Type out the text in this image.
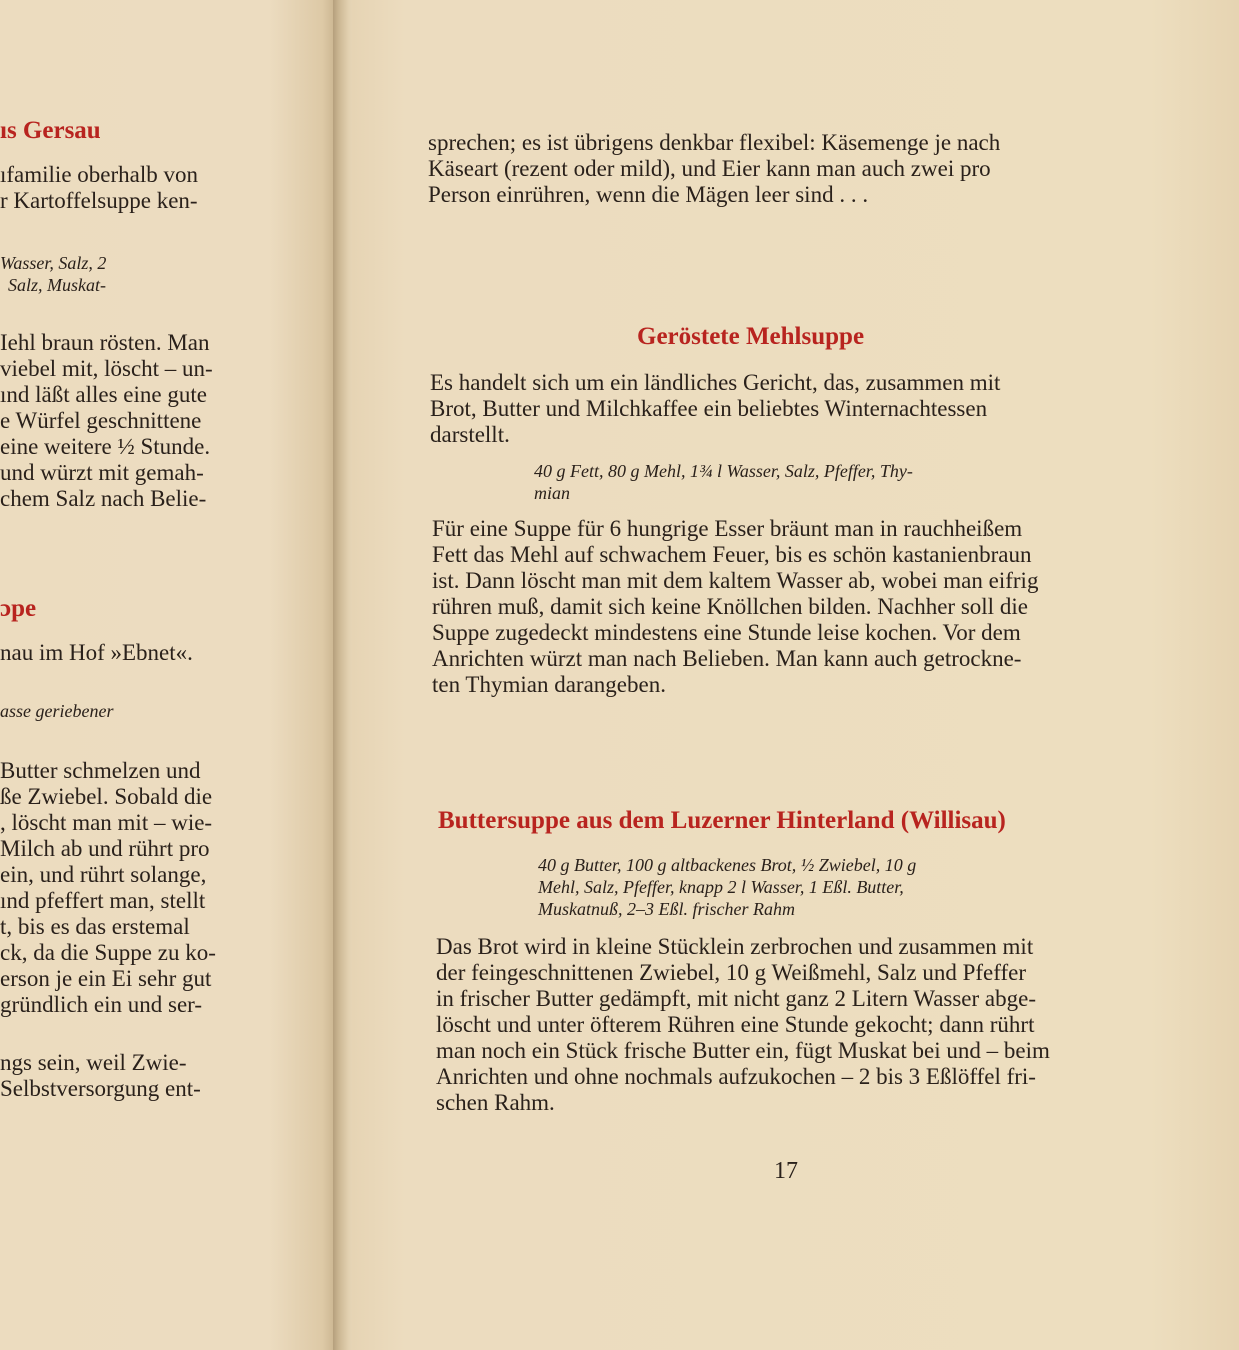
ıs Gersau
ıfamilie oberhalb von
r Kartoffelsuppe ken-
Wasser, Salz, 2
Salz, Muskat-
Iehl braun rösten. Man
viebel mit, löscht – un-
ınd läßt alles eine gute
e Würfel geschnittene
eine weitere ½ Stunde.
und würzt mit gemah-
chem Salz nach Belie-
ɔpe
nau im Hof »Ebnet«.
asse geriebener
Butter schmelzen und
ße Zwiebel. Sobald die
, löscht man mit – wie-
Milch ab und rührt pro
ein, und rührt solange,
ınd pfeffert man, stellt
t, bis es das erstemal
ck, da die Suppe zu ko-
erson je ein Ei sehr gut
gründlich ein und ser-
ngs sein, weil Zwie-
Selbstversorgung ent-
sprechen; es ist übrigens denkbar flexibel: Käsemenge je nach
Käseart (rezent oder mild), und Eier kann man auch zwei pro
Person einrühren, wenn die Mägen leer sind . . .
Geröstete Mehlsuppe
Es handelt sich um ein ländliches Gericht, das, zusammen mit
Brot, Butter und Milchkaffee ein beliebtes Winternachtessen
darstellt.
40 g Fett, 80 g Mehl, 1¾ l Wasser, Salz, Pfeffer, Thy-
mian
Für eine Suppe für 6 hungrige Esser bräunt man in rauchheißem
Fett das Mehl auf schwachem Feuer, bis es schön kastanienbraun
ist. Dann löscht man mit dem kaltem Wasser ab, wobei man eifrig
rühren muß, damit sich keine Knöllchen bilden. Nachher soll die
Suppe zugedeckt mindestens eine Stunde leise kochen. Vor dem
Anrichten würzt man nach Belieben. Man kann auch getrockne-
ten Thymian darangeben.
Buttersuppe aus dem Luzerner Hinterland (Willisau)
40 g Butter, 100 g altbackenes Brot, ½ Zwiebel, 10 g
Mehl, Salz, Pfeffer, knapp 2 l Wasser, 1 Eßl. Butter,
Muskatnuß, 2–3 Eßl. frischer Rahm
Das Brot wird in kleine Stücklein zerbrochen und zusammen mit
der feingeschnittenen Zwiebel, 10 g Weißmehl, Salz und Pfeffer
in frischer Butter gedämpft, mit nicht ganz 2 Litern Wasser abge-
löscht und unter öfterem Rühren eine Stunde gekocht; dann rührt
man noch ein Stück frische Butter ein, fügt Muskat bei und – beim
Anrichten und ohne nochmals aufzukochen – 2 bis 3 Eßlöffel fri-
schen Rahm.
17
